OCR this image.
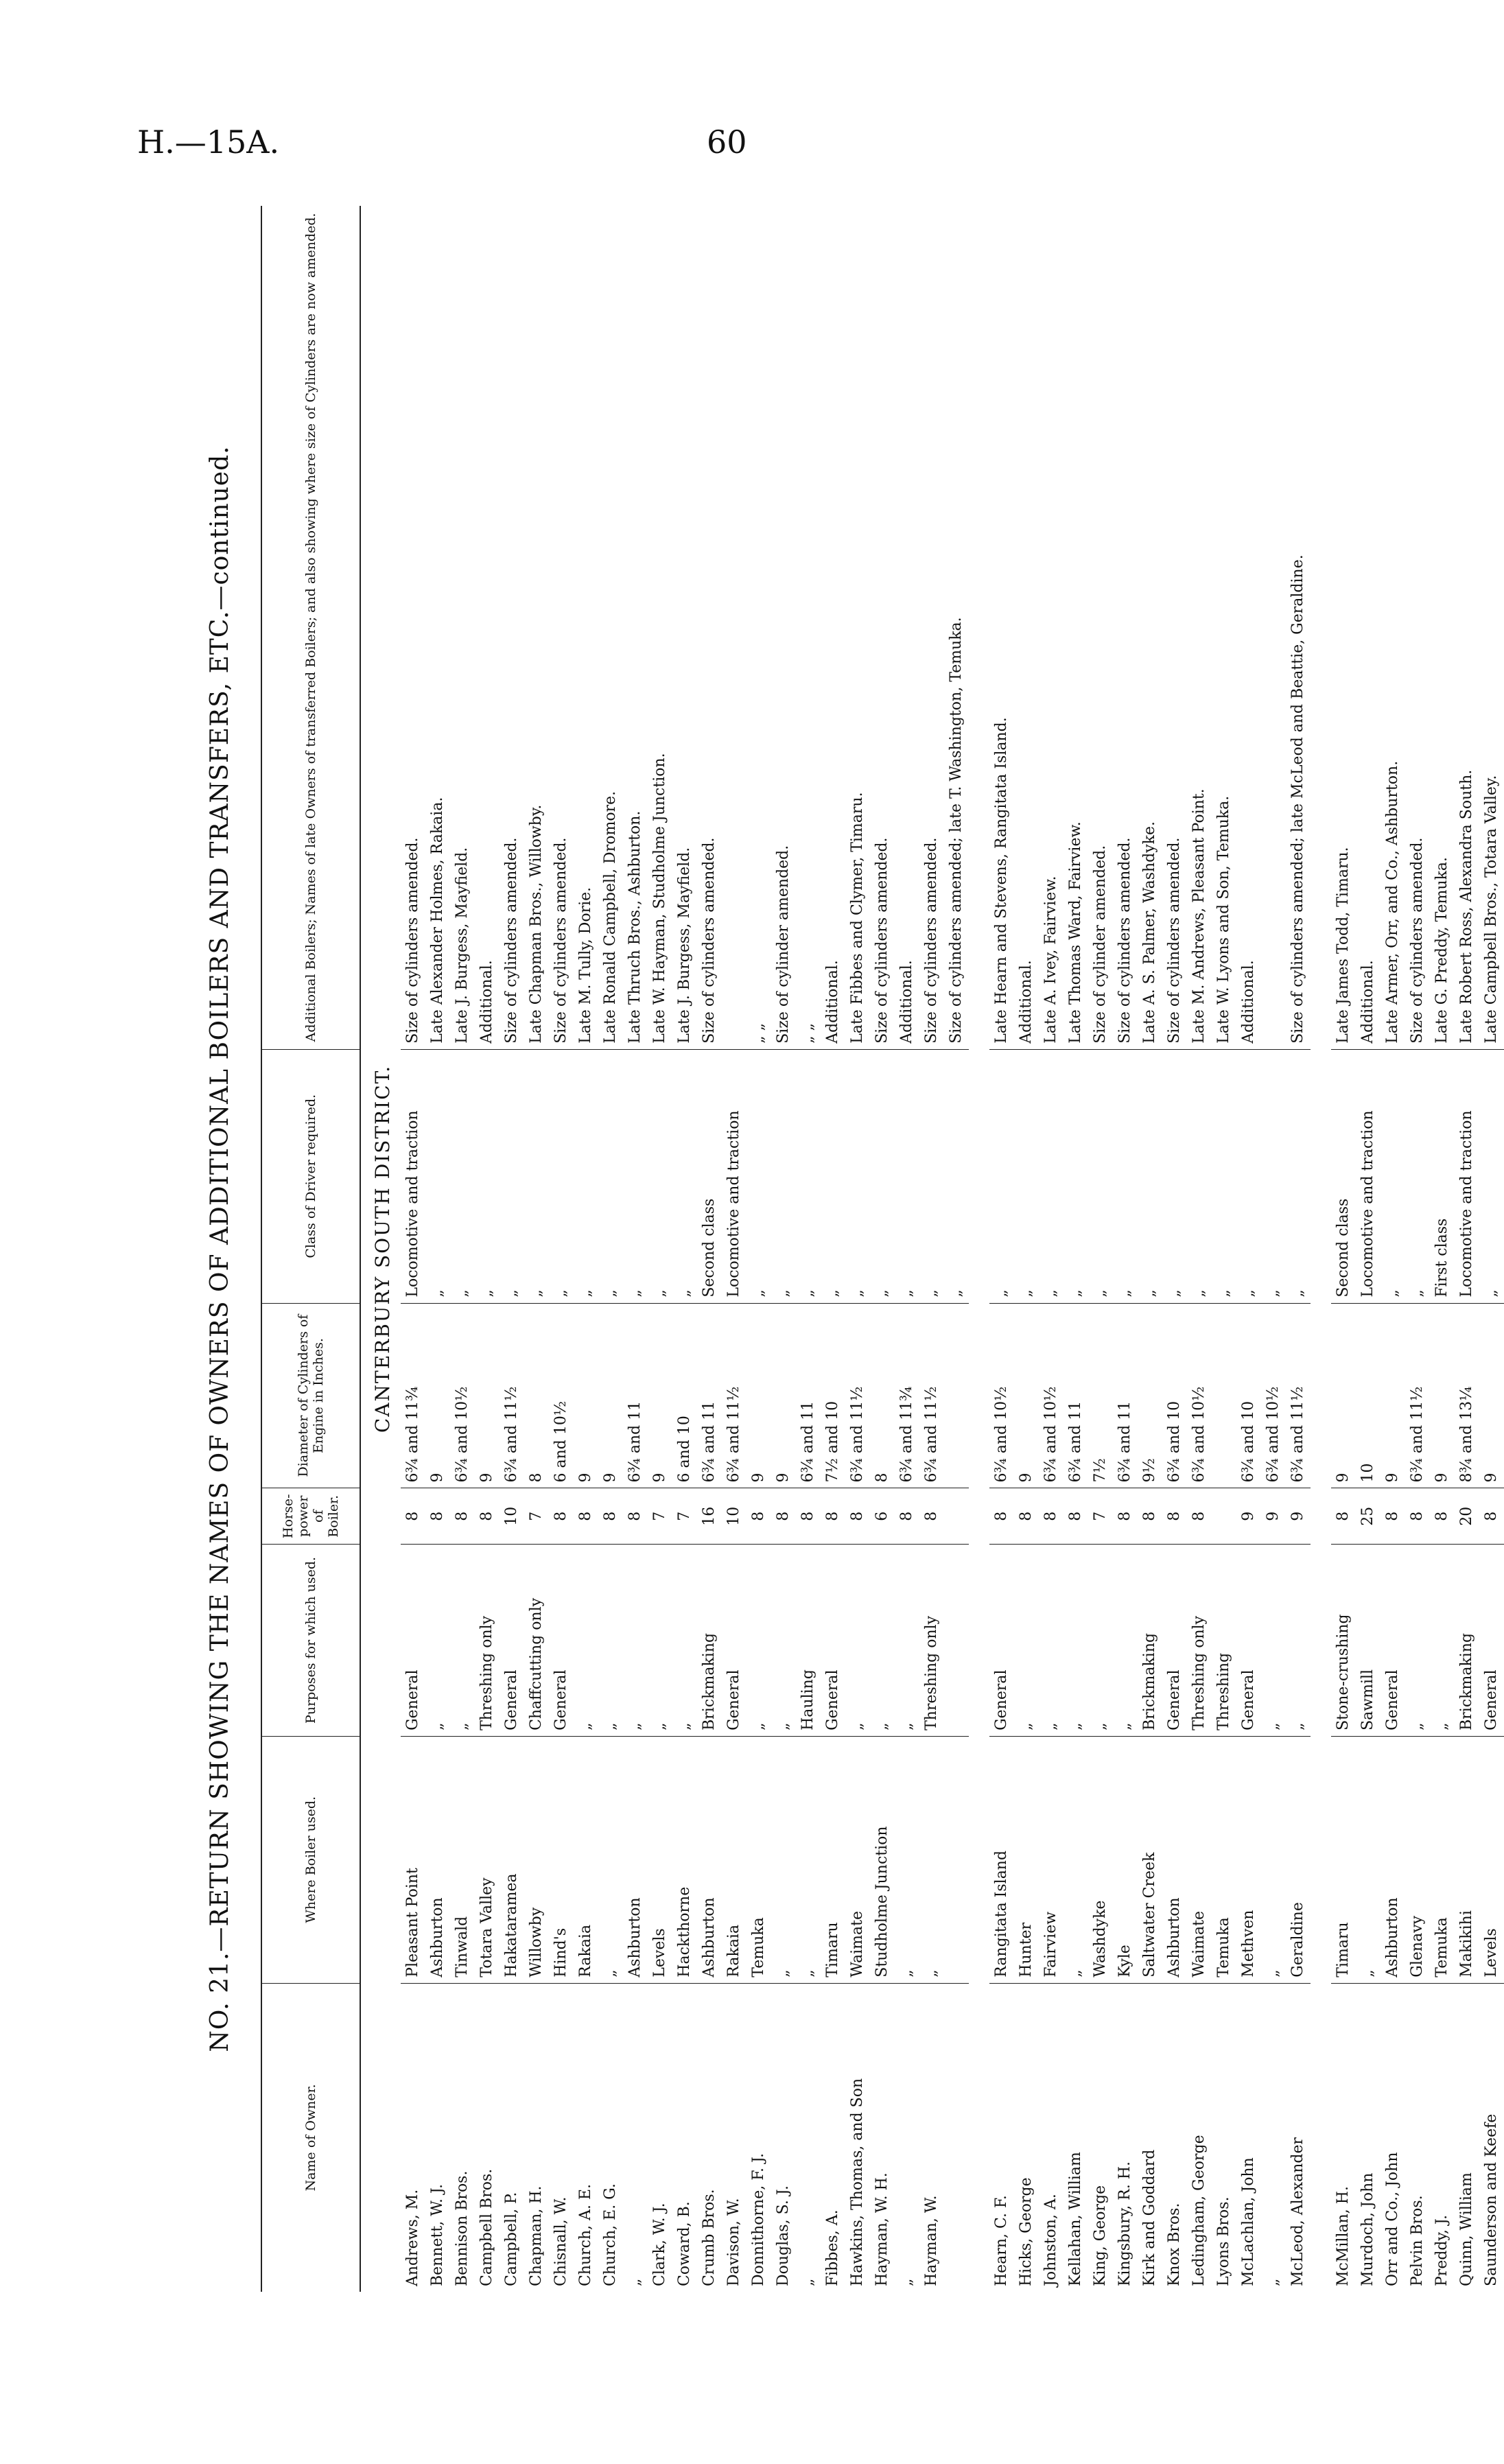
H.—15A.	60
NO. 21.—RETURN SHOWING THE NAMES OF OWNERS OF ADDITIONAL BOILERS AND TRANSFERS, ETC.—continued.
Name of Owner.	Where Boiler used.	Purposes for which used.	Horse-power of Boiler.	Diameter of Cylinders of Engine in Inches.	Class of Driver required.	Additional Boilers; Names of late Owners of transferred Boilers; and also showing where size of Cylinders are now amended.
CANTERBURY SOUTH DISTRICT.						
Andrews, M.	Pleasant Point	General	8	6¾ and 11¾	Locomotive and traction	Size of cylinders amended.
Bennett, W. J.	Ashburton	„	8	9	„	Late Alexander Holmes, Rakaia.
Bennison Bros.	Tinwald	„	8	6¾ and 10½	„	Late J. Burgess, Mayfield.
Campbell Bros.	Totara Valley	Threshing only	8	9	„	Additional.
Campbell, P.	Hakataramea	General	10	6¾ and 11½	„	Size of cylinders amended.
Chapman, H.	Willowby	Chaffcutting only	7	8	„	Late Chapman Bros., Willowby.
Chisnall, W.	Hind's	General	8	6 and 10½	„	Size of cylinders amended.
Church, A. E.	Rakaia	„	8	9	„	Late M. Tully, Dorie.
Church, E. G.	„	„	8	9	„	Late Ronald Campbell, Dromore.
„	Ashburton	„	8	6¾ and 11	„	Late Thruch Bros., Ashburton.
Clark, W. J.	Levels	„	7	9	„	Late W. Hayman, Studholme Junction.
Coward, B.	Hackthorne	„	7	6 and 10	„	Late J. Burgess, Mayfield.
Crumb Bros.	Ashburton	Brickmaking	16	6¾ and 11	Second class	Size of cylinders amended.
Davison, W.	Rakaia	General	10	6¾ and 11½	Locomotive and traction	
Donnithorne, F. J.	Temuka	„	8	9	„	„ „
Douglas, S. J.	„	„	8	9	„	Size of cylinder amended.
„	„	Hauling	8	6¾ and 11	„	„ „
Fibbes, A.	Timaru	General	8	7½ and 10	„	Additional.
Hawkins, Thomas, and Son	Waimate	„	8	6¾ and 11½	„	Late Fibbes and Clymer, Timaru.
Hayman, W. H.	Studholme Junction	„	6	8	„	Size of cylinders amended.
„	„	„	8	6¾ and 11¾	„	Additional.
Hayman, W.	„	Threshing only	8	6¾ and 11½	„	Size of cylinders amended.
					„	Size of cylinders amended; late T. Washington, Temuka.

Hearn, C. F.	Rangitata Island	General	8	6¾ and 10½	„	Late Hearn and Stevens, Rangitata Island.
Hicks, George	Hunter	„	8	9	„	Additional.
Johnston, A.	Fairview	„	8	6¾ and 10½	„	Late A. Ivey, Fairview.
Kellahan, William	„	„	8	6¾ and 11	„	Late Thomas Ward, Fairview.
King, George	Washdyke	„	7	7½	„	Size of cylinder amended.
Kingsbury, R. H.	Kyle	„	8	6¾ and 11	„	Size of cylinders amended.
Kirk and Goddard	Saltwater Creek	Brickmaking	8	9½	„	Late A. S. Palmer, Washdyke.
Knox Bros.	Ashburton	General	8	6¾ and 10	„	Size of cylinders amended.
Ledingham, George	Waimate	Threshing only	8	6¾ and 10½	„	Late M. Andrews, Pleasant Point.
Lyons Bros.	Temuka	Threshing			„	Late W. Lyons and Son, Temuka.
McLachlan, John	Methven	General	9	6¾ and 10	„	Additional.
„	„	„	9	6¾ and 10½	„	
McLeod, Alexander	Geraldine	„	9	6¾ and 11½	„	Size of cylinders amended; late McLeod and Beattie, Geraldine.

McMillan, H.	Timaru	Stone-crushing	8	9	Second class	Late James Todd, Timaru.
Murdoch, John	„	Sawmill	25	10	Locomotive and traction	Additional.
Orr and Co., John	Ashburton	General	8	9	„	Late Armer, Orr, and Co., Ashburton.
Pelvin Bros.	Glenavy	„	8	6¾ and 11½	„	Size of cylinders amended.
Preddy, J.	Temuka	„	8	9	First class	Late G. Preddy, Temuka.
Quinn, William	Makikihi	Brickmaking	20	8¾ and 13¼	Locomotive and traction	Late Robert Ross, Alexandra South.
Saunderson and Keefe	Levels	General	8	9	„	Late Campbell Bros., Totara Valley.
